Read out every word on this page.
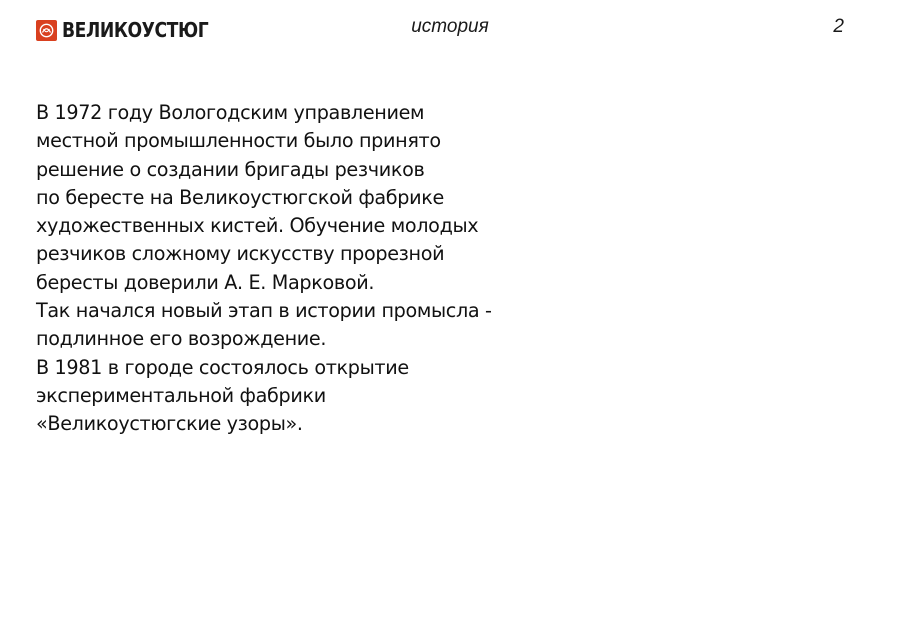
ВЕЛИКОУСТЮГ	история	2
В 1972 году Вологодским управлением
местной промышленности было принято
решение о создании бригады резчиков
по бересте на Великоустюгской фабрике
художественных кистей. Обучение молодых
резчиков сложному искусству прорезной
бересты доверили А. Е. Марковой.
Так начался новый этап в истории промысла -
подлинное его возрождение.
В 1981 в городе состоялось открытие
экспериментальной фабрики
«Великоустюгские узоры».
